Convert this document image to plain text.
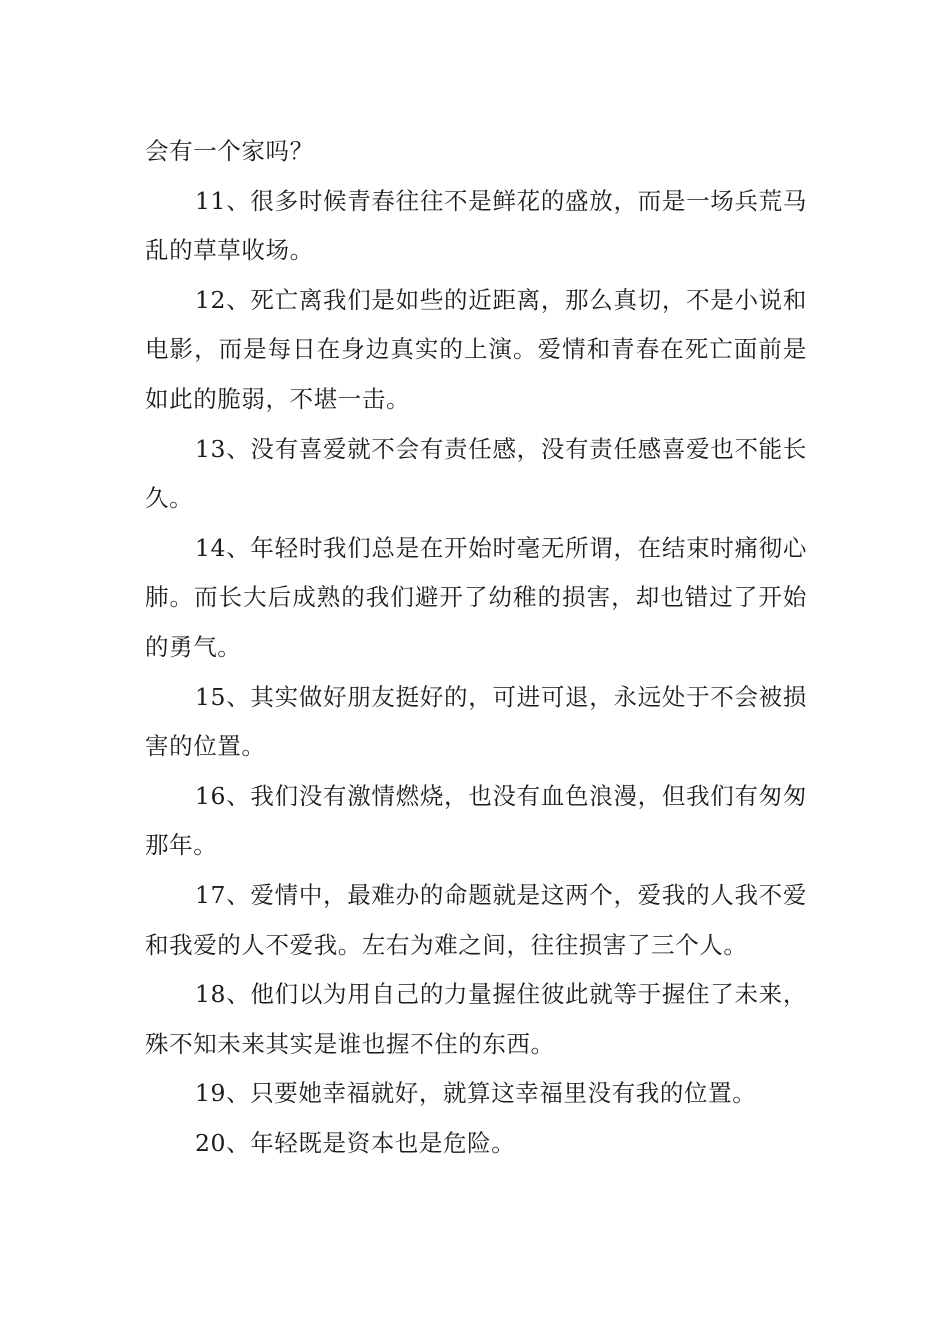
会有一个家吗？

11、很多时候青春往往不是鲜花的盛放，而是一场兵荒马乱的草草收场。

12、死亡离我们是如些的近距离，那么真切，不是小说和电影，而是每日在身边真实的上演。爱情和青春在死亡面前是如此的脆弱，不堪一击。

13、没有喜爱就不会有责任感，没有责任感喜爱也不能长久。

14、年轻时我们总是在开始时毫无所谓，在结束时痛彻心肺。而长大后成熟的我们避开了幼稚的损害，却也错过了开始的勇气。

15、其实做好朋友挺好的，可进可退，永远处于不会被损害的位置。

16、我们没有激情燃烧，也没有血色浪漫，但我们有匆匆那年。

17、爱情中，最难办的命题就是这两个，爱我的人我不爱和我爱的人不爱我。左右为难之间，往往损害了三个人。

18、他们以为用自己的力量握住彼此就等于握住了未来，殊不知未来其实是谁也握不住的东西。

19、只要她幸福就好，就算这幸福里没有我的位置。

20、年轻既是资本也是危险。
